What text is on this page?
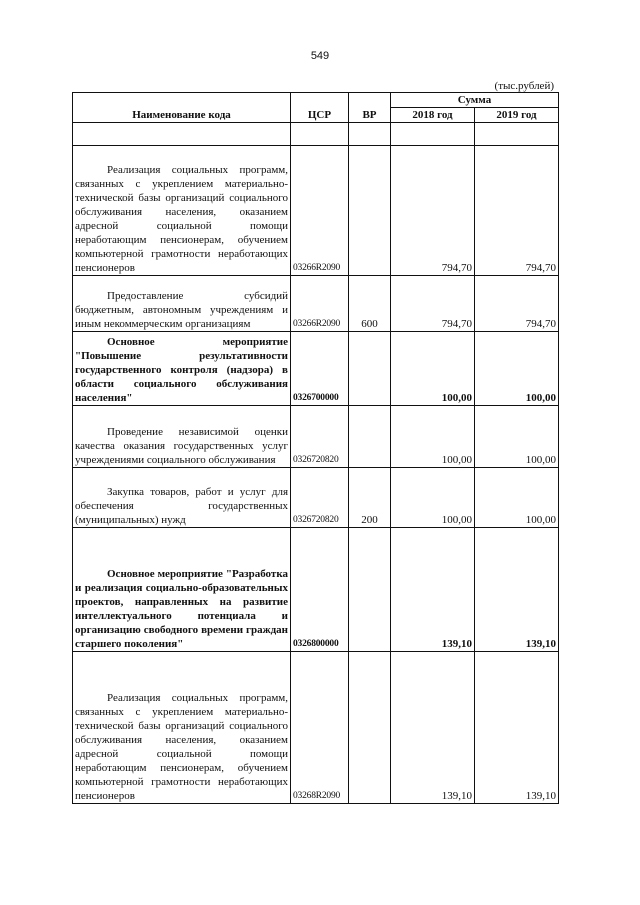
549
(тыс.рублей)
Наименование кода	ЦСР	ВР	Сумма	
			2018 год	2019 год

Реализация социальных программ, связанных с укреплением материально-технической базы организаций социального обслуживания населения, оказанием адресной социальной помощи неработающим пенсионерам, обучением компьютерной грамотности неработающих пенсионеров	03266R2090		794,70	794,70
Предоставление субсидий бюджетным, автономным учреждениям и иным некоммерческим организациям	03266R2090	600	794,70	794,70
Основное мероприятие "Повышение результативности государственного контроля (надзора) в области социального обслуживания населения"	0326700000		100,00	100,00
Проведение независимой оценки качества оказания государственных услуг учреждениями социального обслуживания	0326720820		100,00	100,00
Закупка товаров, работ и услуг для обеспечения государственных (муниципальных) нужд	0326720820	200	100,00	100,00
Основное мероприятие "Разработка и реализация социально-образовательных проектов, направленных на развитие интеллектуального потенциала и организацию свободного времени граждан старшего поколения"	0326800000		139,10	139,10
Реализация социальных программ, связанных с укреплением материально-технической базы организаций социального обслуживания населения, оказанием адресной социальной помощи неработающим пенсионерам, обучением компьютерной грамотности неработающих пенсионеров	03268R2090		139,10	139,10
